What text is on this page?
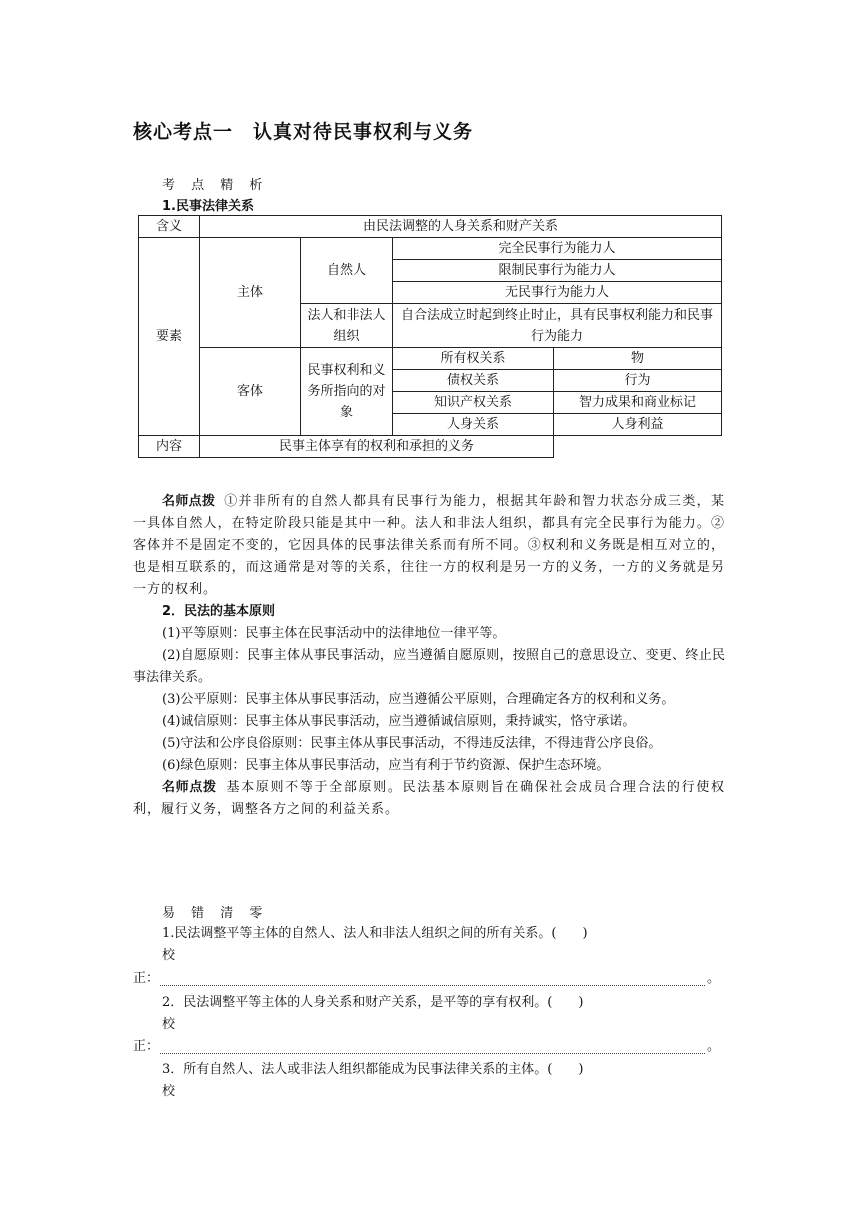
核心考点一　认真对待民事权利与义务
考 点 精 析
1.民事法律关系
含义	由民法调整的人身关系和财产关系			
要素	主体	自然人	完全民事行为能力人	
			限制民事行为能力人	
			无民事行为能力人	
		法人和非法人组织	自合法成立时起到终止时止，具有民事权利能力和民事行为能力	

	客体	民事权利和义务所指向的对象	所有权关系	物
			债权关系	行为
			知识产权关系	智力成果和商业标记
			人身关系	人身利益
内容	民事主体享有的权利和承担的义务			

名师点拨 ①并非所有的自然人都具有民事行为能力，根据其年龄和智力状态分成三类，某一具体自然人，在特定阶段只能是其中一种。法人和非法人组织，都具有完全民事行为能力。②客体并不是固定不变的，它因具体的民事法律关系而有所不同。③权利和义务既是相互对立的，也是相互联系的，而这通常是对等的关系，往往一方的权利是另一方的义务，一方的义务就是另一方的权利。

2．民法的基本原则

(1)平等原则：民事主体在民事活动中的法律地位一律平等。

(2)自愿原则：民事主体从事民事活动，应当遵循自愿原则，按照自己的意思设立、变更、终止民事法律关系。

(3)公平原则：民事主体从事民事活动，应当遵循公平原则，合理确定各方的权利和义务。

(4)诚信原则：民事主体从事民事活动，应当遵循诚信原则，秉持诚实，恪守承诺。

(5)守法和公序良俗原则：民事主体从事民事活动，不得违反法律，不得违背公序良俗。

(6)绿色原则：民事主体从事民事活动，应当有利于节约资源、保护生态环境。

名师点拨 基本原则不等于全部原则。民法基本原则旨在确保社会成员合理合法的行使权利，履行义务，调整各方之间的利益关系。

易 错 清 零
1.民法调整平等主体的自然人、法人和非法人组织之间的所有关系。(　　)
校
正：	。
2．民法调整平等主体的人身关系和财产关系，是平等的享有权利。(　　)
校
正：	。
3．所有自然人、法人或非法人组织都能成为民事法律关系的主体。(　　)
校
